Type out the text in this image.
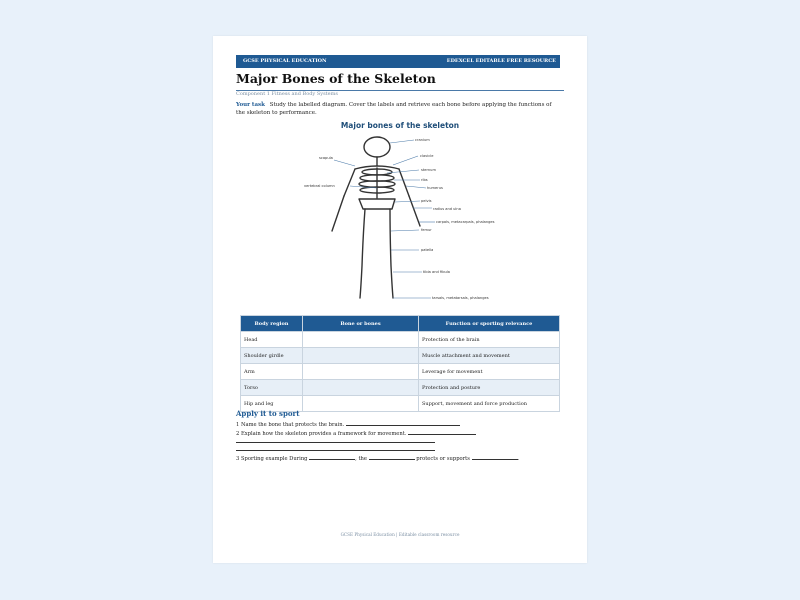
GCSE PHYSICAL EDUCATION	EDEXCEL EDITABLE FREE RESOURCE
Major Bones of the Skeleton
Component 1 Fitness and Body Systems
Your task Study the labelled diagram. Cover the labels and retrieve each bone before applying the functions of the skeleton to performance.
Major bones of the skeleton
cranium
scapula	clavicle
sternum
ribs
humerus
vertebral column
pelvis
radius and ulna
carpals, metacarpals, phalanges
femur
patella
tibia and fibula
tarsals, metatarsals, phalanges
Body region	Bone or bones	Function or sporting relevance
Head		Protection of the brain
Shoulder girdle		Muscle attachment and movement
Arm		Leverage for movement
Torso		Protection and posture
Hip and leg		Support, movement and force production
Apply it to sport
1 Name the bone that protects the brain.
2 Explain how the skeleton provides a framework for movement.
3 Sporting example During	, the	protects or supports	.
GCSE Physical Education | Editable classroom resource
